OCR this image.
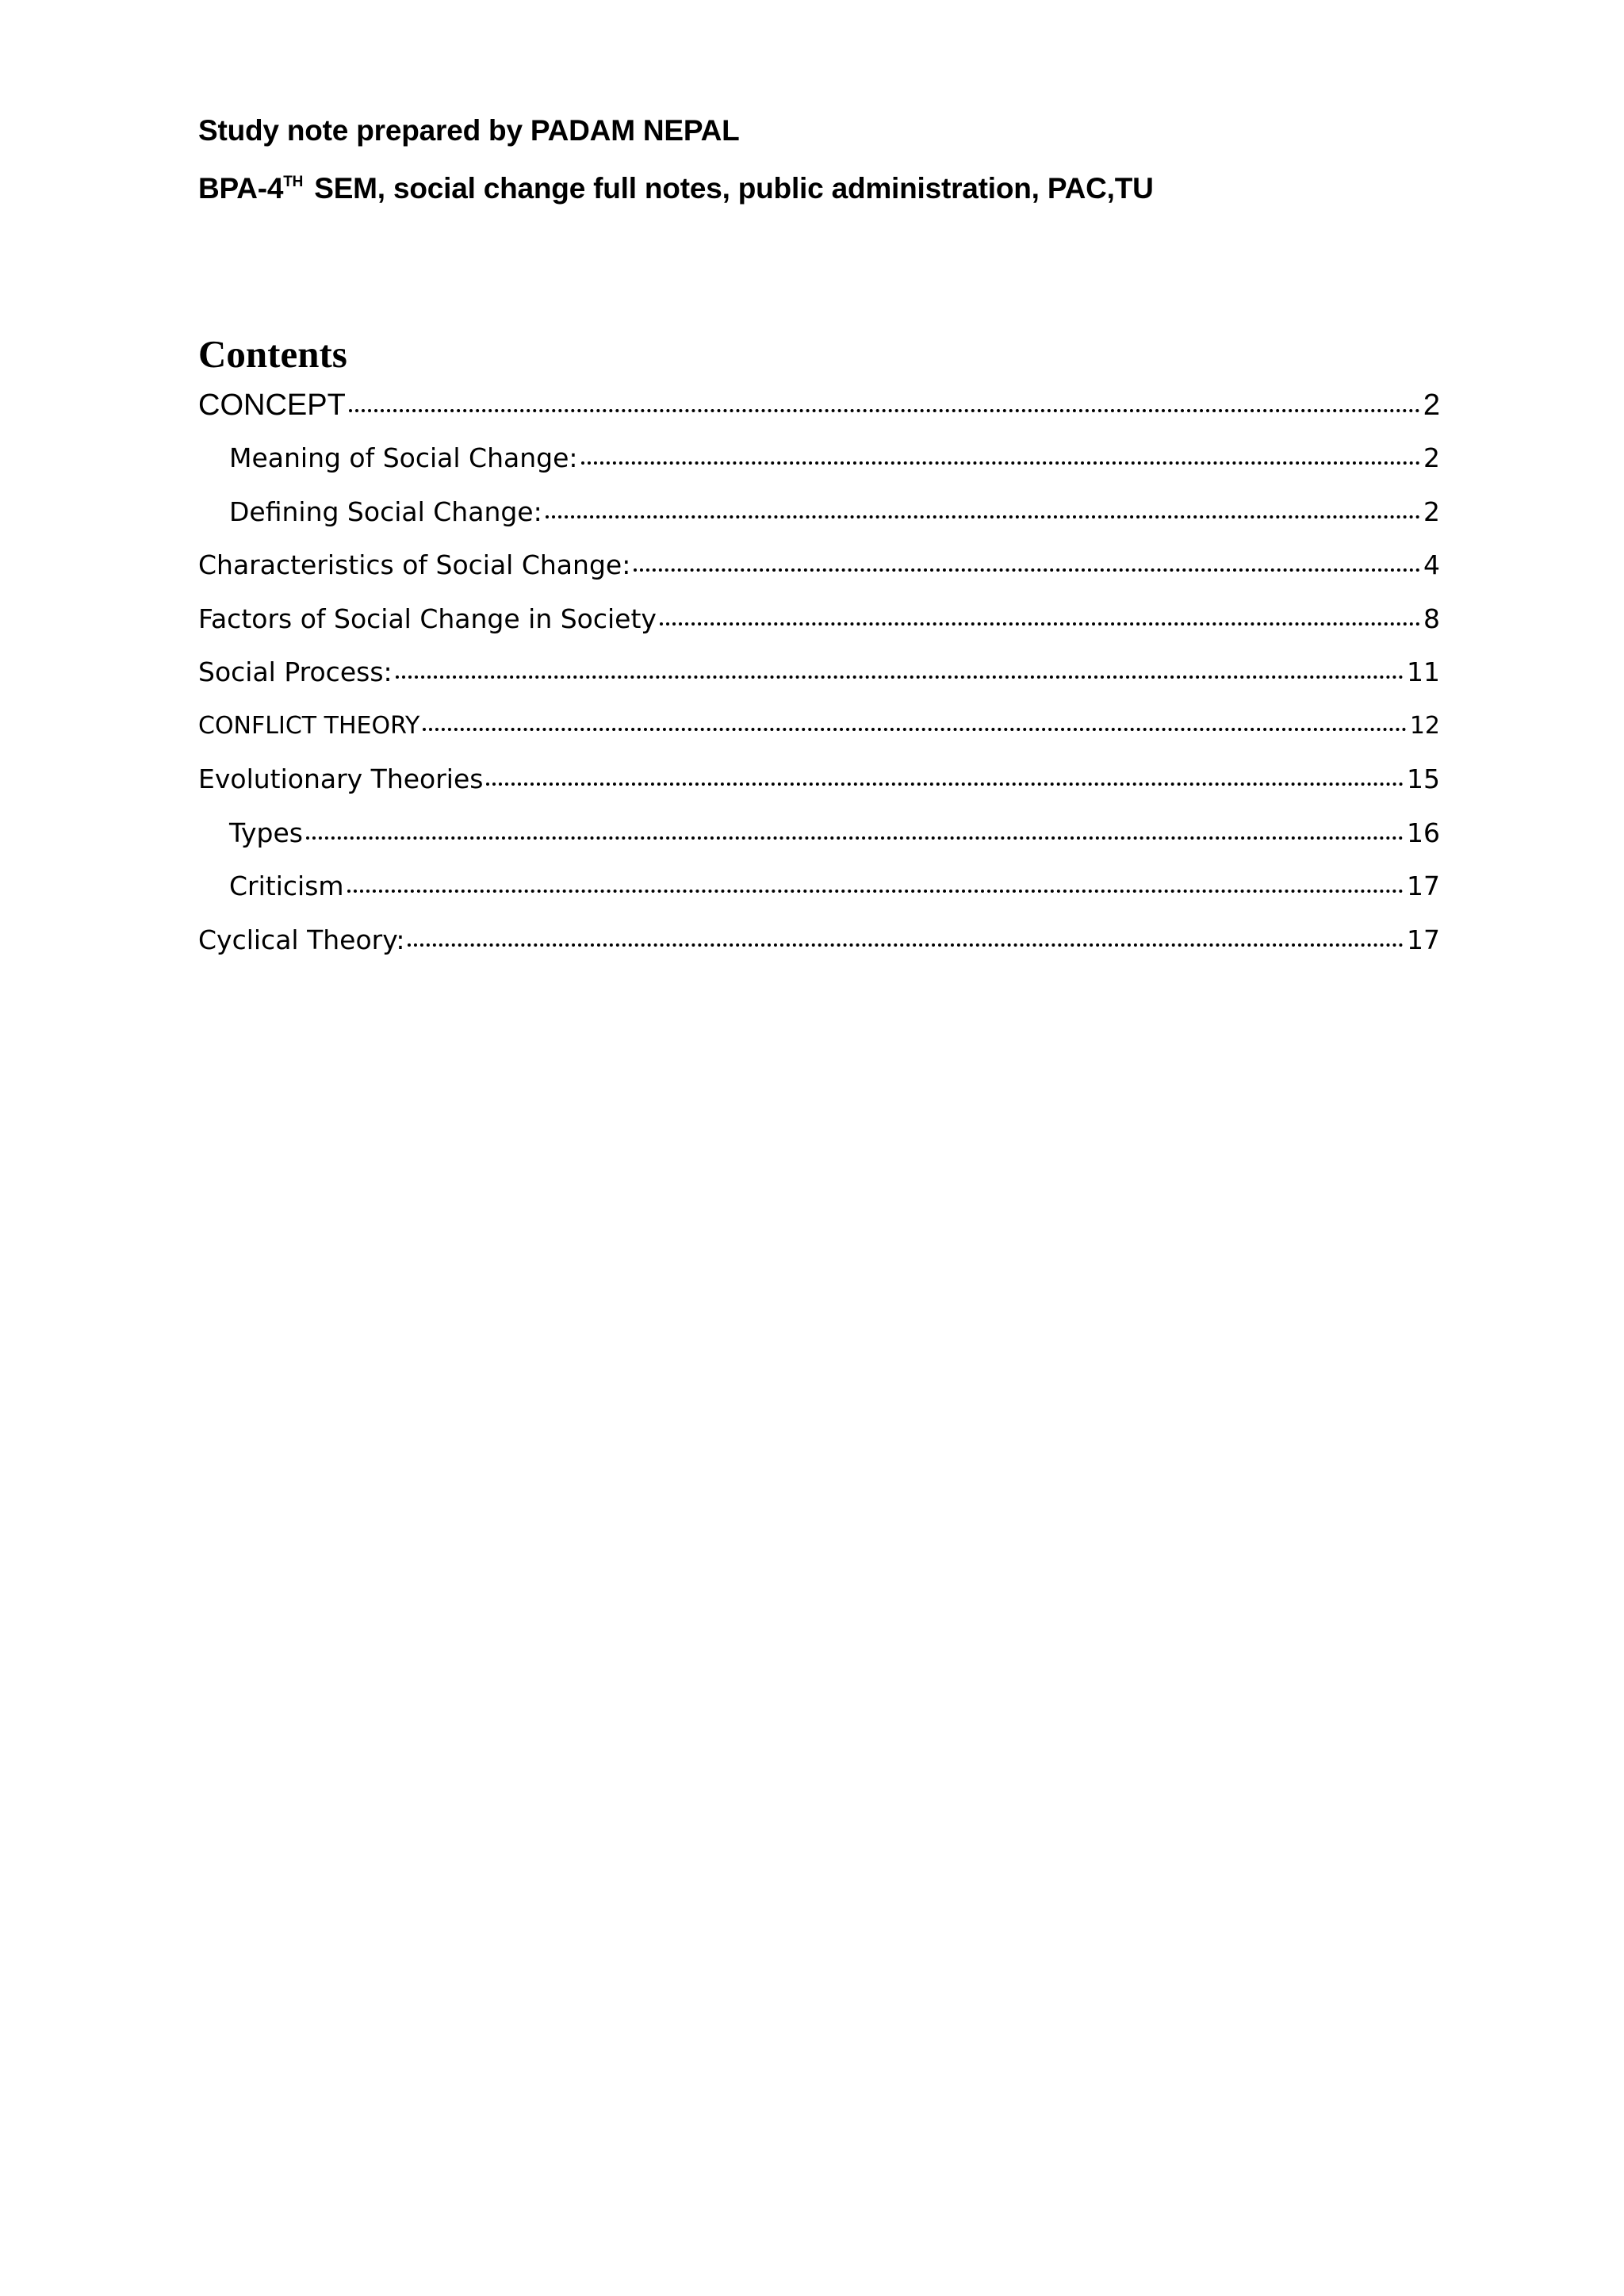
Study note prepared by PADAM NEPAL
BPA-4TH SEM, social change full notes, public administration, PAC,TU
Contents
CONCEPT	2
Meaning of Social Change:	2
Defining Social Change:	2
Characteristics of Social Change:	4
Factors of Social Change in Society	8
Social Process:	11
CONFLICT THEORY	12
Evolutionary Theories	15
Types	16
Criticism	17
Cyclical Theory:	17
